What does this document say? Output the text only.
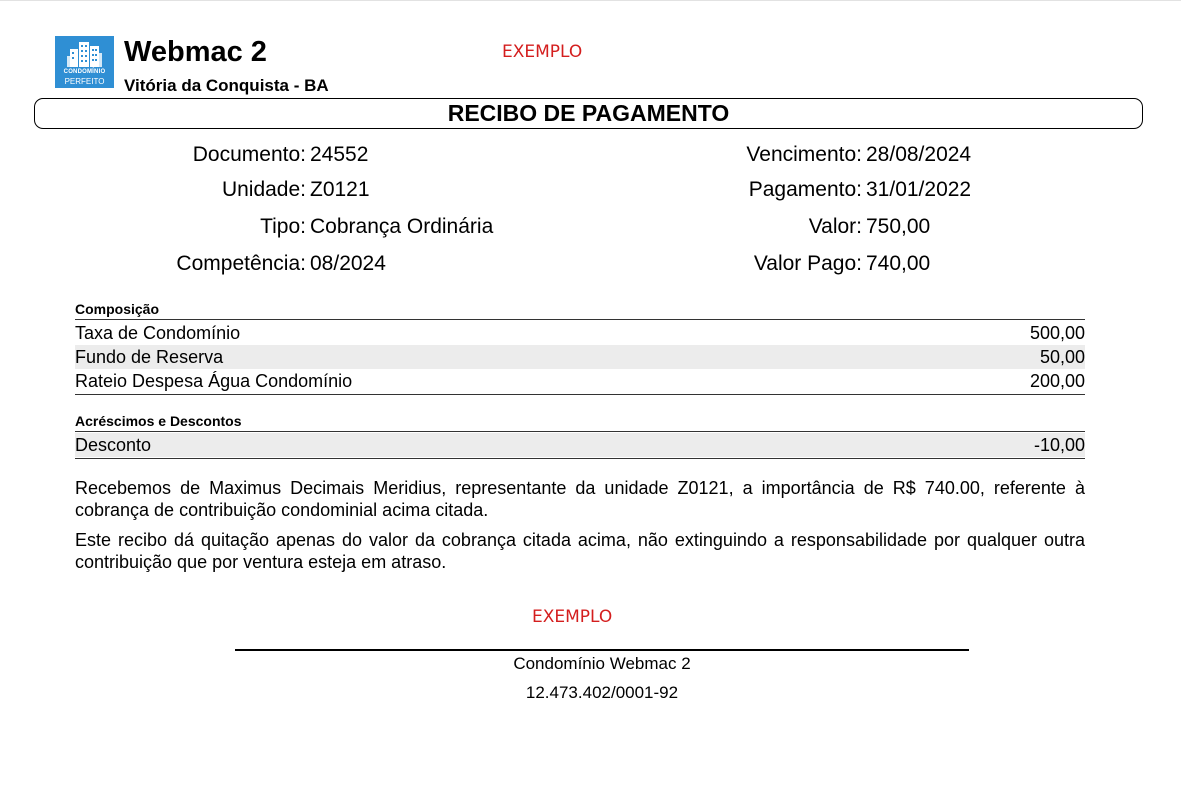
CONDOMÍNIO
PERFEITO
Webmac 2
Vitória da Conquista - BA
EXEMPLO
RECIBO DE PAGAMENTO
Documento: 24552
Unidade: Z0121
Tipo: Cobrança Ordinária
Competência: 08/2024
Vencimento: 28/08/2024
Pagamento: 31/01/2022
Valor: 750,00
Valor Pago: 740,00
Composição
Taxa de Condomínio	500,00
Fundo de Reserva	50,00
Rateio Despesa Água Condomínio	200,00
Acréscimos e Descontos
Desconto	-10,00
Recebemos de Maximus Decimais Meridius, representante da unidade Z0121, a importância de R$ 740.00, referente à cobrança de contribuição condominial acima citada.
Este recibo dá quitação apenas do valor da cobrança citada acima, não extinguindo a responsabilidade por qualquer outra contribuição que por ventura esteja em atraso.
EXEMPLO
Condomínio Webmac 2
12.473.402/0001-92
